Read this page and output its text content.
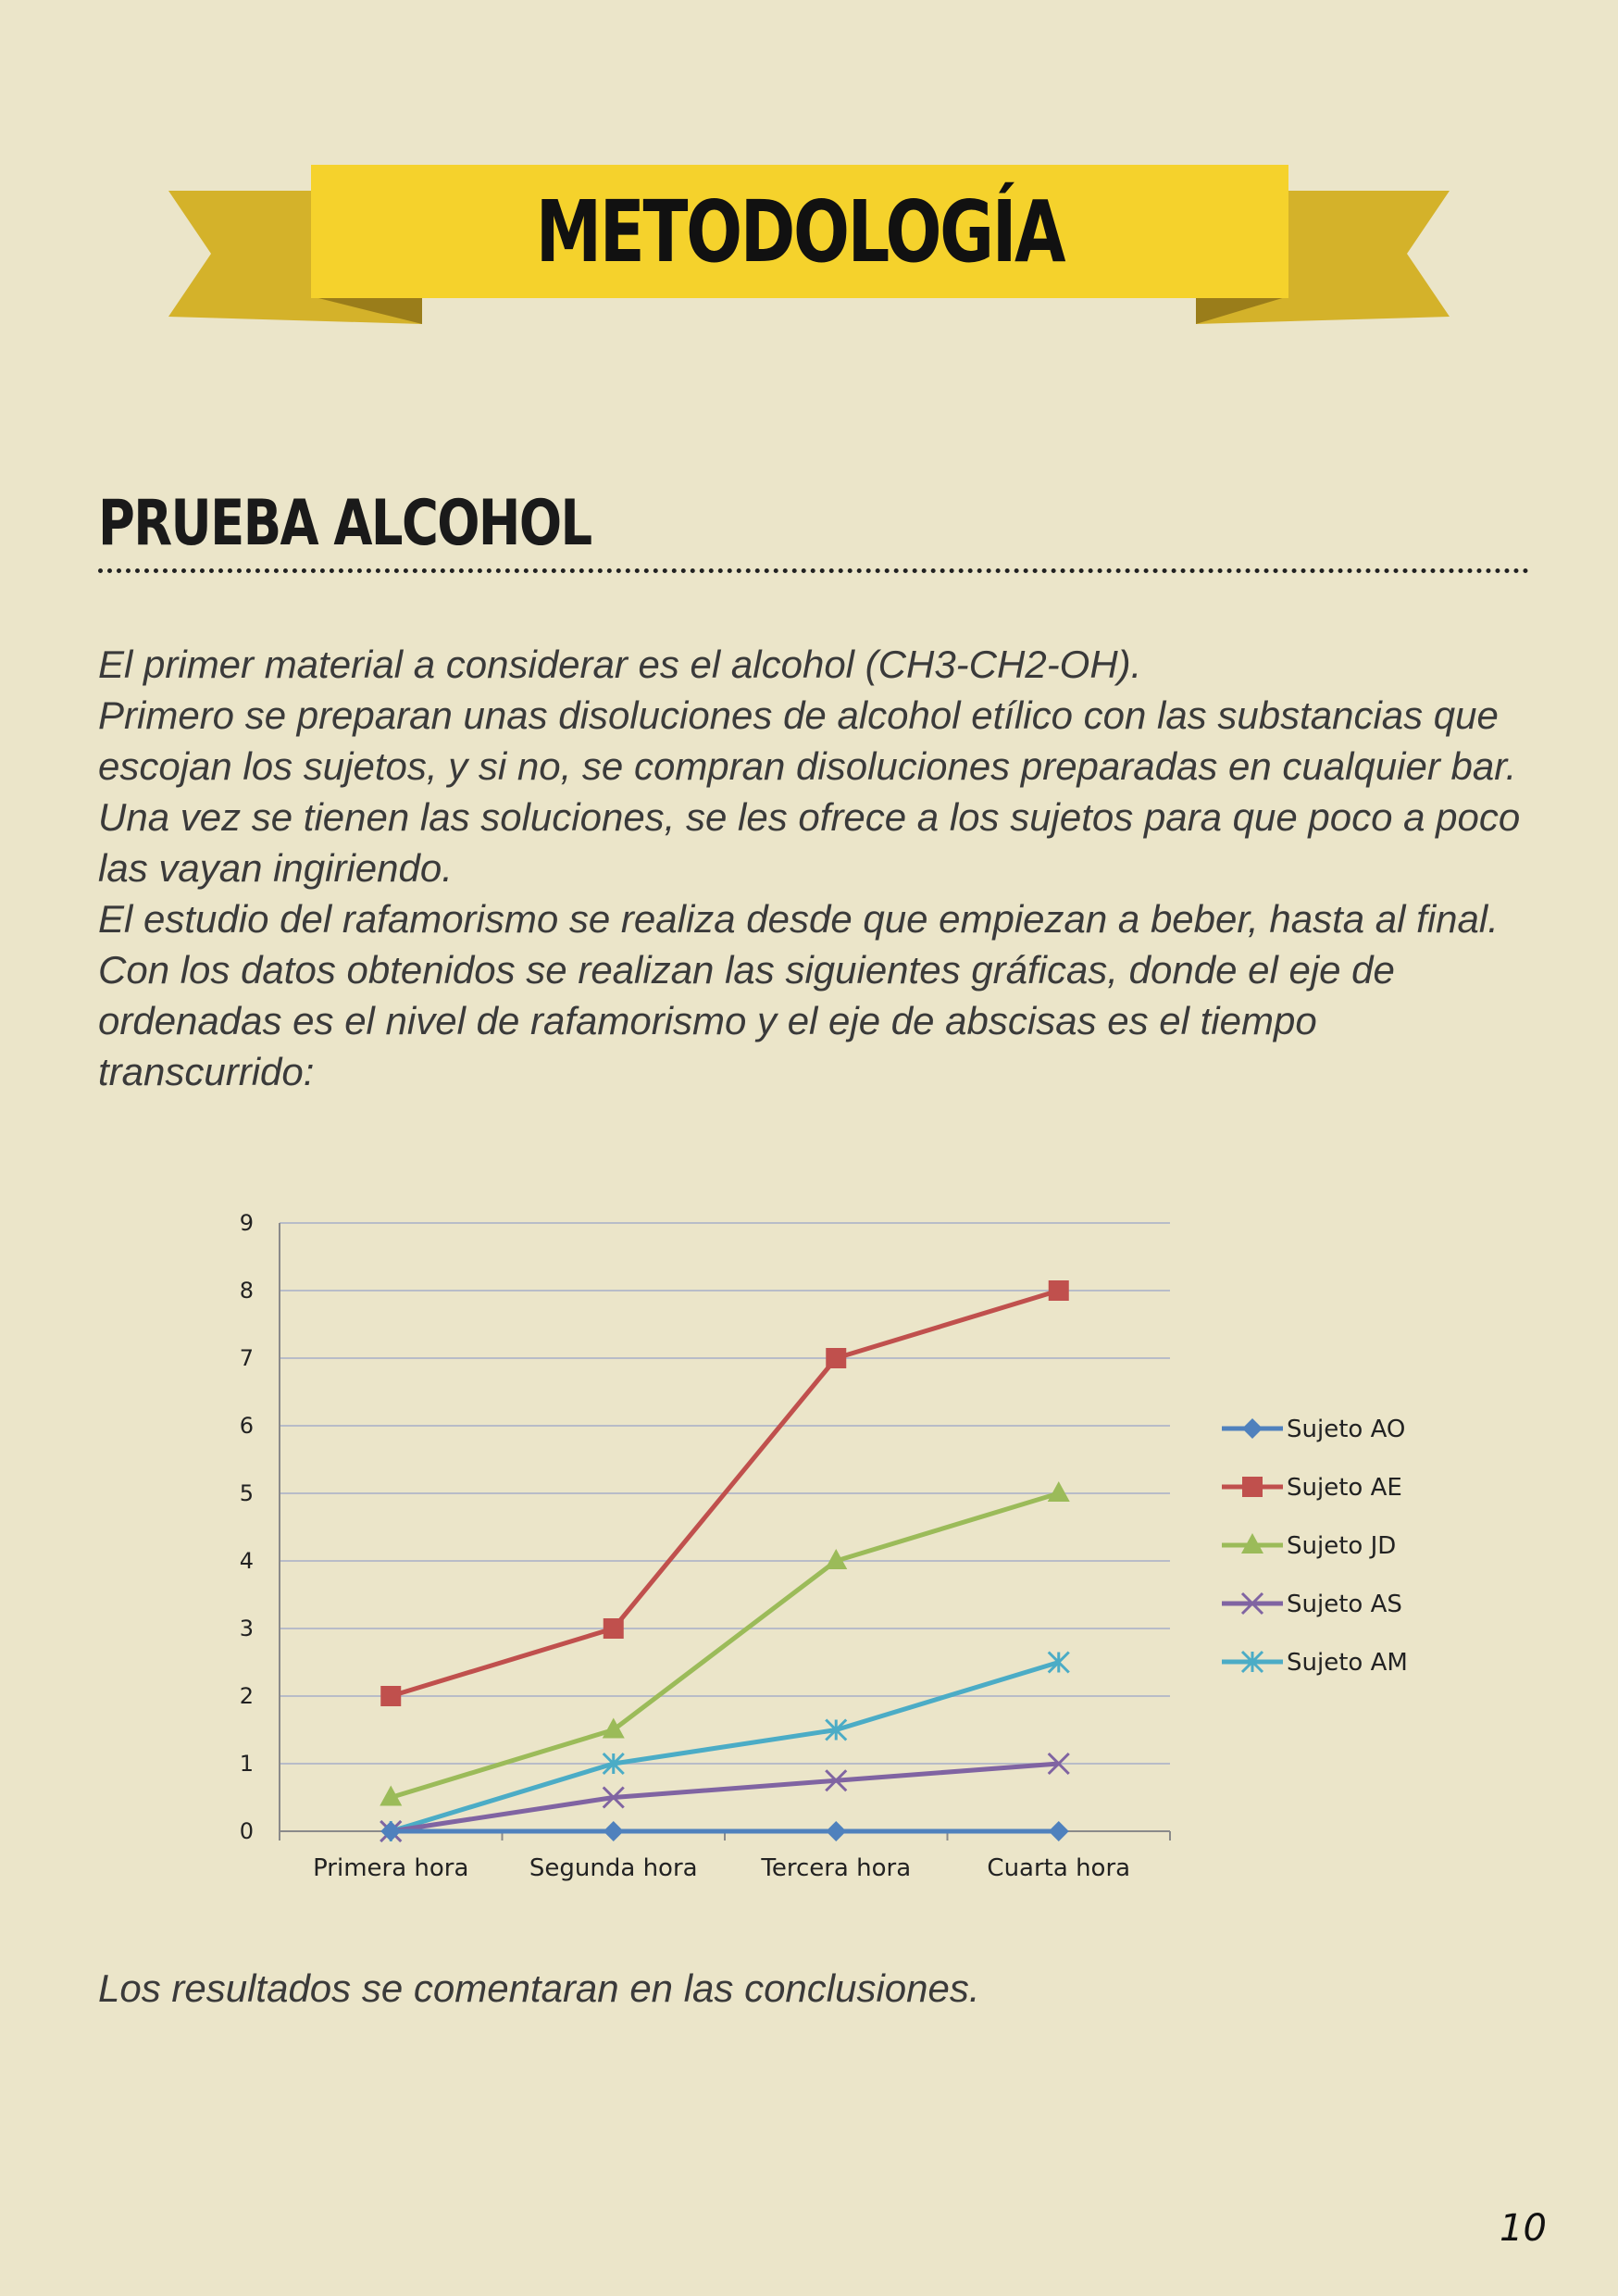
METODOLOGÍA
PRUEBA ALCOHOL

El primer material a considerar es el alcohol (CH3-CH2-OH).

Primero se preparan unas disoluciones de alcohol etílico con las substancias que escojan los sujetos, y si no, se compran disoluciones preparadas en cualquier bar. Una vez se tienen las soluciones, se les ofrece a los sujetos para que poco a poco las vayan ingiriendo.

El estudio del rafamorismo se realiza desde que empiezan a beber, hasta al final. Con los datos obtenidos se realizan las siguientes gráficas, donde el eje de ordenadas es el nivel de rafamorismo y el eje de abscisas es el tiempo transcurrido:

0
1
2
3
4
5
6
7
8
9
Primera hora	Segunda hora	Tercera hora	Cuarta hora
Sujeto AO
Sujeto AE
Sujeto JD
Sujeto AS
Sujeto AM
Los resultados se comentaran en las conclusiones.
10
